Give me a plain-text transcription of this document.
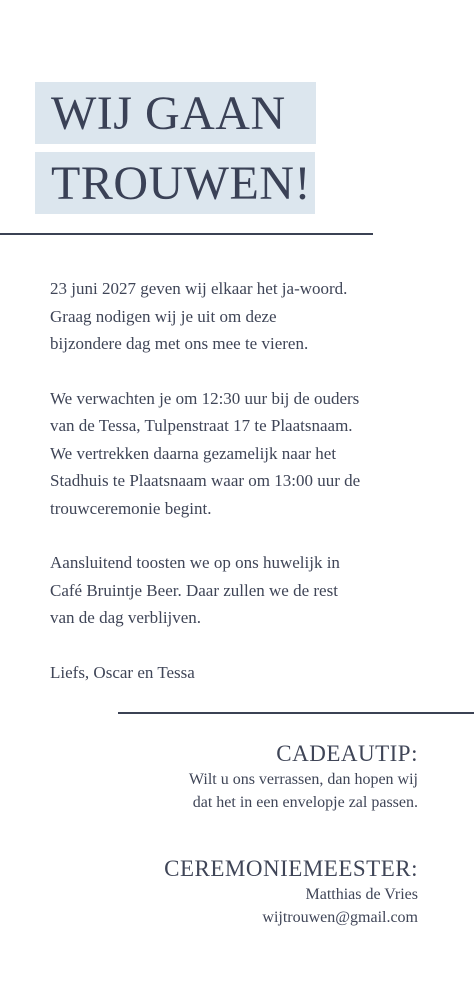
WIJ GAAN
TROUWEN!

23 juni 2027 geven wij elkaar het ja-woord.
Graag nodigen wij je uit om deze
bijzondere dag met ons mee te vieren.

We verwachten je om 12:30 uur bij de ouders
van de Tessa, Tulpenstraat 17 te Plaatsnaam.
We vertrekken daarna gezamelijk naar het
Stadhuis te Plaatsnaam waar om 13:00 uur de
trouwceremonie begint.

Aansluitend toosten we op ons huwelijk in
Café Bruintje Beer. Daar zullen we de rest
van de dag verblijven.

Liefs, Oscar en Tessa

CADEAUTIP:
Wilt u ons verrassen, dan hopen wij
dat het in een envelopje zal passen.
CEREMONIEMEESTER:
Matthias de Vries
wijtrouwen@gmail.com
